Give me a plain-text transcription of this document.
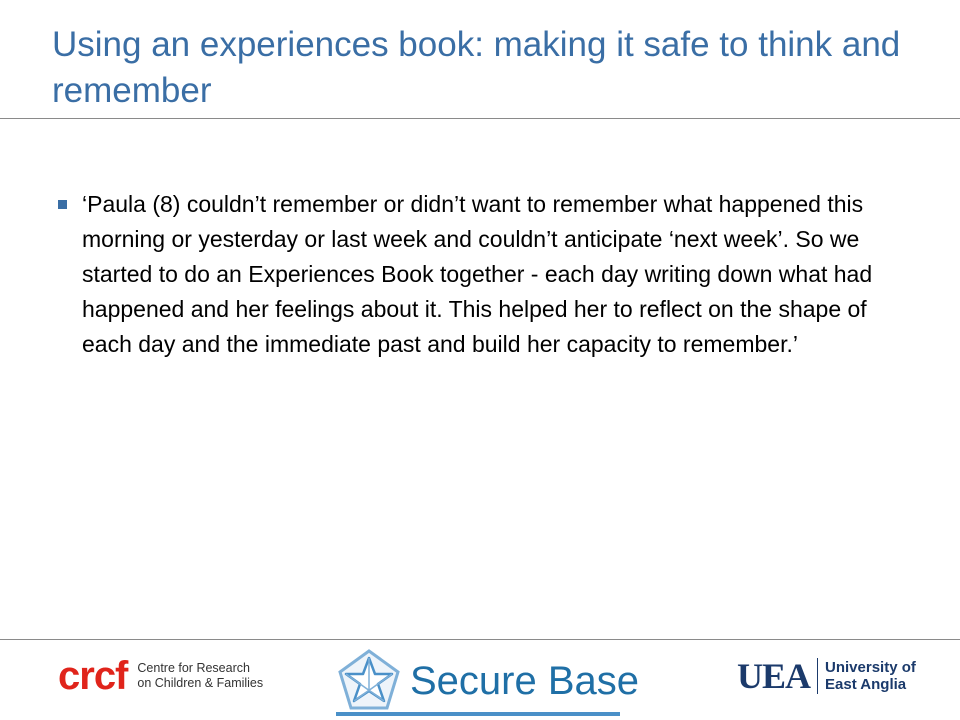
Using an experiences book: making it safe to think and remember
‘Paula (8) couldn’t remember or didn’t want to remember what happened this morning or yesterday or last week and couldn’t anticipate ‘next week’. So we started to do an Experiences Book together - each day writing down what had happened and her feelings about it. This helped her to reflect on the shape of each day and the immediate past and build her capacity to remember.’
crcf Centre for Research
on Children & Families	Secure Base	UEA University of
East Anglia
